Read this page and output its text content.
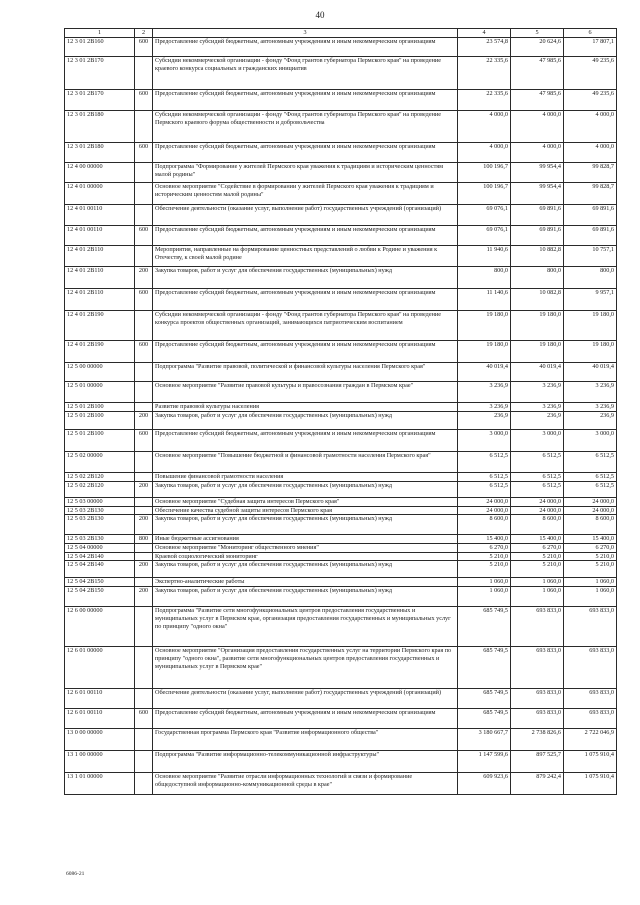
40
1	2	3	4	5	6
12 3 01 2B160	600	Предоставление субсидий бюджетным, автономным учреждениям и иным некоммерческим организациям	23 574,8	20 624,6	17 807,1
12 3 01 2B170		Субсидии некоммерческой организации - фонду "Фонд грантов губернатора Пермского края" на проведение краевого конкурса социальных и гражданских инициатив	22 335,6	47 985,6	49 235,6
12 3 01 2B170	600	Предоставление субсидий бюджетным, автономным учреждениям и иным некоммерческим организациям	22 335,6	47 985,6	49 235,6
12 3 01 2B180		Субсидии некоммерческой организации - фонду "Фонд грантов губернатора Пермского края" на проведение Пермского краевого форума общественности и добровольчества	4 000,0	4 000,0	4 000,0
12 3 01 2B180	600	Предоставление субсидий бюджетным, автономным учреждениям и иным некоммерческим организациям	4 000,0	4 000,0	4 000,0
12 4 00 00000		Подпрограмма "Формирование у жителей Пермского края уважения к традициям и историческим ценностям малой родины"	100 196,7	99 954,4	99 828,7
12 4 01 00000		Основное мероприятие "Содействие в формировании у жителей Пермского края уважения к традициям и историческим ценностям малой родины"	100 196,7	99 954,4	99 828,7
12 4 01 00110		Обеспечение деятельности (оказание услуг, выполнение работ) государственных учреждений (организаций)	69 076,1	69 891,6	69 891,6
12 4 01 00110	600	Предоставление субсидий бюджетным, автономным учреждениям и иным некоммерческим организациям	69 076,1	69 891,6	69 891,6
12 4 01 2B110		Мероприятия, направленные на формирование ценностных представлений о любви к Родине и уважения к Отечеству, к своей малой родине	11 940,6	10 882,8	10 757,1
12 4 01 2B110	200	Закупка товаров, работ и услуг для обеспечения государственных (муниципальных) нужд	800,0	800,0	800,0
12 4 01 2B110	600	Предоставление субсидий бюджетным, автономным учреждениям и иным некоммерческим организациям	11 140,6	10 082,8	9 957,1
12 4 01 2B190		Субсидии некоммерческой организации - фонду "Фонд грантов губернатора Пермского края" на проведение конкурса проектов общественных организаций, занимающихся патриотическим воспитанием	19 180,0	19 180,0	19 180,0
12 4 01 2B190	600	Предоставление субсидий бюджетным, автономным учреждениям и иным некоммерческим организациям	19 180,0	19 180,0	19 180,0
12 5 00 00000		Подпрограмма "Развитие правовой, политической и финансовой культуры населения Пермского края"	40 019,4	40 019,4	40 019,4
12 5 01 00000		Основное мероприятие "Развитие правовой культуры и правосознания граждан в Пермском крае"	3 236,9	3 236,9	3 236,9
12 5 01 2B100		Развитие правовой культуры населения	3 236,9	3 236,9	3 236,9
12 5 01 2B100	200	Закупка товаров, работ и услуг для обеспечения государственных (муниципальных) нужд	236,9	236,9	236,9
12 5 01 2B100	600	Предоставление субсидий бюджетным, автономным учреждениям и иным некоммерческим организациям	3 000,0	3 000,0	3 000,0
12 5 02 00000		Основное мероприятие "Повышение бюджетной и финансовой грамотности населения Пермского края"	6 512,5	6 512,5	6 512,5
12 5 02 2B120		Повышение финансовой грамотности населения	6 512,5	6 512,5	6 512,5
12 5 02 2B120	200	Закупка товаров, работ и услуг для обеспечения государственных (муниципальных) нужд	6 512,5	6 512,5	6 512,5
12 5 03 00000		Основное мероприятие "Судебная защита интересов Пермского края"	24 000,0	24 000,0	24 000,0
12 5 03 2B130		Обеспечение качества судебной защиты интересов Пермского края	24 000,0	24 000,0	24 000,0
12 5 03 2B130	200	Закупка товаров, работ и услуг для обеспечения государственных (муниципальных) нужд	8 600,0	8 600,0	8 600,0
12 5 03 2B130	800	Иные бюджетные ассигнования	15 400,0	15 400,0	15 400,0
12 5 04 00000		Основное мероприятие "Мониторинг общественного мнения"	6 270,0	6 270,0	6 270,0
12 5 04 2B140		Краевой социологический мониторинг	5 210,0	5 210,0	5 210,0
12 5 04 2B140	200	Закупка товаров, работ и услуг для обеспечения государственных (муниципальных) нужд	5 210,0	5 210,0	5 210,0
12 5 04 2B150		Экспертно-аналитические работы	1 060,0	1 060,0	1 060,0
12 5 04 2B150	200	Закупка товаров, работ и услуг для обеспечения государственных (муниципальных) нужд	1 060,0	1 060,0	1 060,0
12 6 00 00000		Подпрограмма "Развитие сети многофункциональных центров предоставления государственных и муниципальных услуг в Пермском крае, организация предоставления государственных и муниципальных услуг по принципу "одного окна"	685 749,5	693 833,0	693 833,0
12 6 01 00000		Основное мероприятие "Организация предоставления государственных услуг на территории Пермского края по принципу "одного окна", развитие сети многофункциональных центров предоставления государственных и муниципальных услуг в Пермском крае"	685 749,5	693 833,0	693 833,0
12 6 01 00110		Обеспечение деятельности (оказание услуг, выполнение работ) государственных учреждений (организаций)	685 749,5	693 833,0	693 833,0
12 6 01 00110	600	Предоставление субсидий бюджетным, автономным учреждениям и иным некоммерческим организациям	685 749,5	693 833,0	693 833,0
13 0 00 00000		Государственная программа Пермского края "Развитие информационного общества"	3 180 667,7	2 738 826,6	2 722 046,9
13 1 00 00000		Подпрограмма "Развитие информационно-телекоммуникационной инфраструктуры"	1 147 599,6	897 525,7	1 075 910,4
13 1 01 00000		Основное мероприятие "Развитие отрасли информационных технологий и связи и формирование общедоступной информационно-коммуникационной среды в крае"	609 923,6	879 242,4	1 075 910,4
6086-21
